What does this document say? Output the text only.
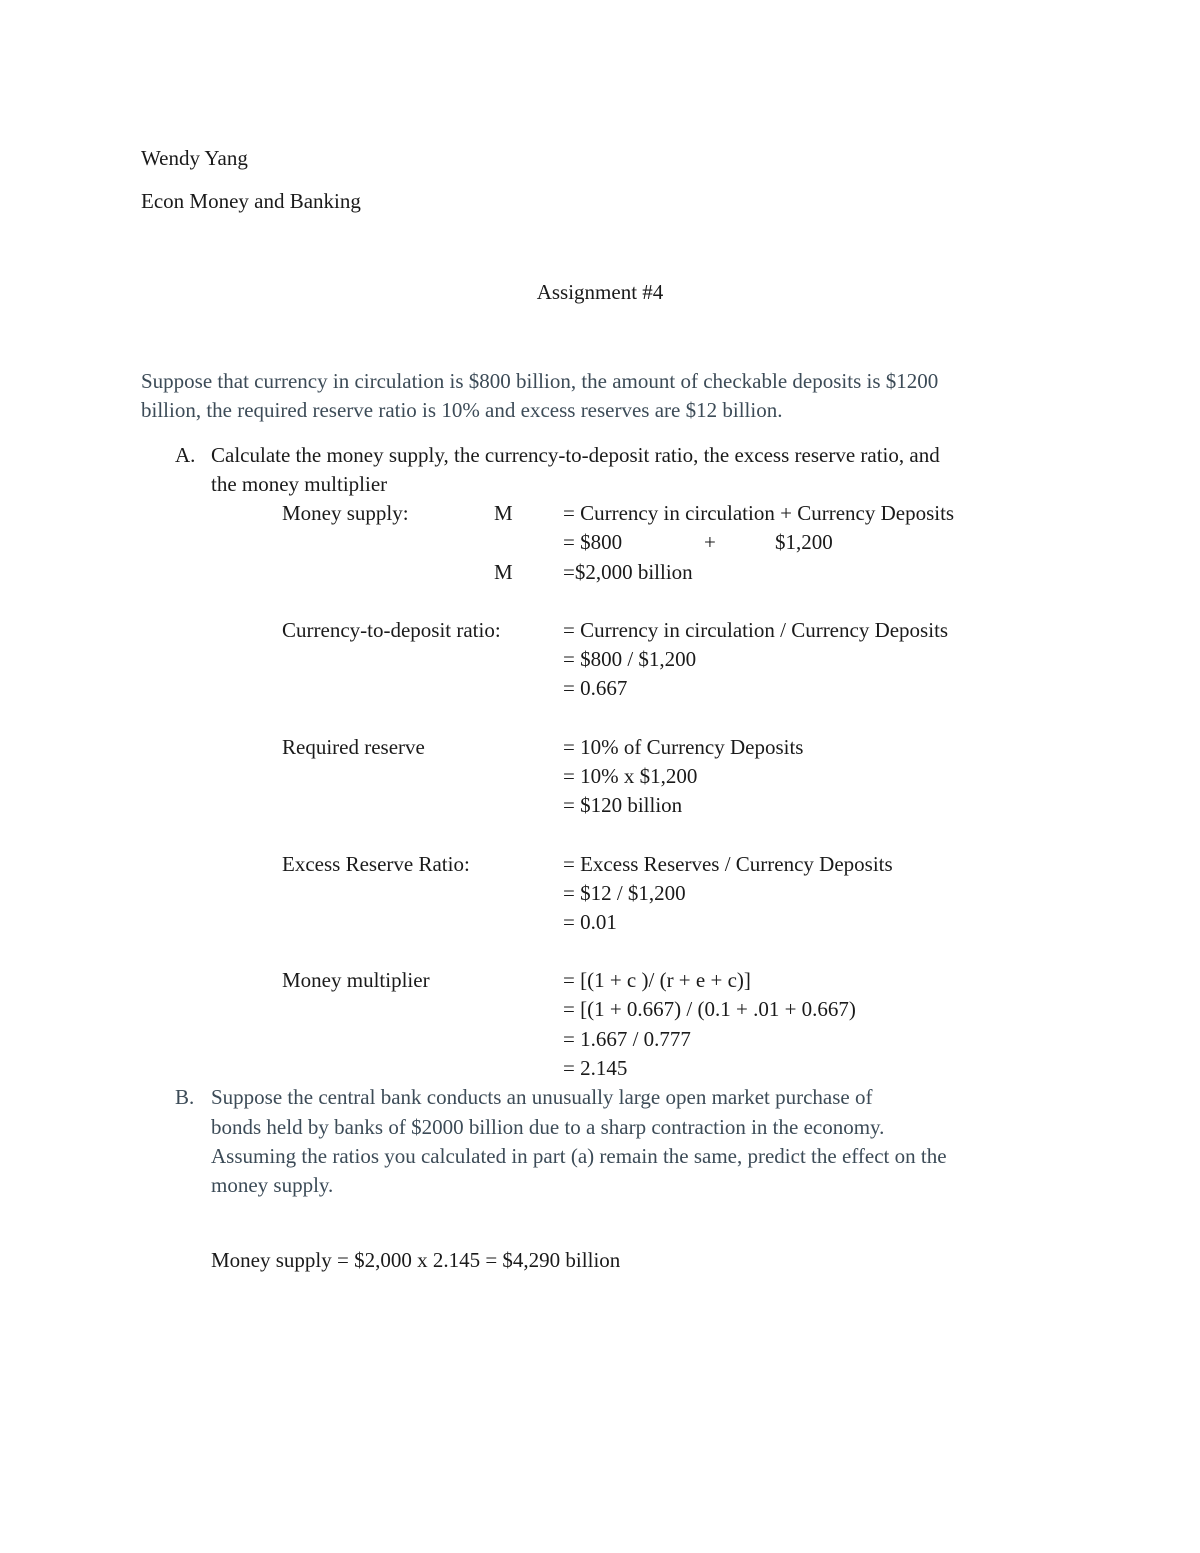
Wendy Yang
Econ Money and Banking
Assignment #4
Suppose that currency in circulation is $800 billion, the amount of checkable deposits is $1200
billion, the required reserve ratio is 10% and excess reserves are $12 billion.
A. Calculate the money supply, the currency-to-deposit ratio, the excess reserve ratio, and
the money multiplier
Money supply:	M = Currency in circulation + Currency Deposits
= $800	+	$1,200
M =$2,000 billion
Currency-to-deposit ratio:	= Currency in circulation / Currency Deposits
= $800 / $1,200
= 0.667
Required reserve	= 10% of Currency Deposits
= 10% x $1,200
= $120 billion
Excess Reserve Ratio:	= Excess Reserves / Currency Deposits
= $12 / $1,200
= 0.01
Money multiplier	= [(1 + c )/ (r + e + c)]
= [(1 + 0.667) / (0.1 + .01 + 0.667)
= 1.667 / 0.777
= 2.145
B. Suppose the central bank conducts an unusually large open market purchase of
bonds held by banks of $2000 billion due to a sharp contraction in the economy.
Assuming the ratios you calculated in part (a) remain the same, predict the effect on the
money supply.
Money supply = $2,000 x 2.145 = $4,290 billion
